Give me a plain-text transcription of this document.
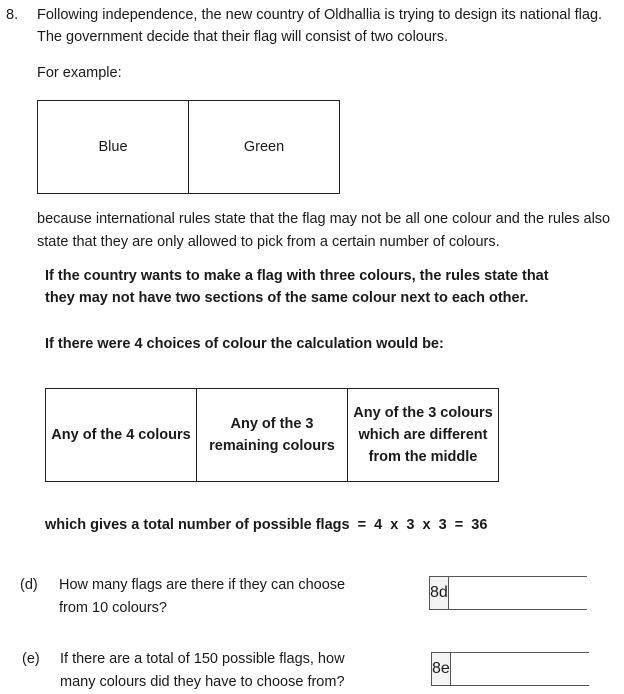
8. Following independence, the new country of Oldhallia is trying to design its national flag.
The government decide that their flag will consist of two colours.
For example:
Blue	Green
because international rules state that the flag may not be all one colour and the rules also
state that they are only allowed to pick from a certain number of colours.
If the country wants to make a flag with three colours, the rules state that
they may not have two sections of the same colour next to each other.
If there were 4 choices of colour the calculation would be:
Any of the 4 colours
Any of the 3
remaining colours
Any of the 3 colours
which are different
from the middle
which gives a total number of possible flags  =  4  x  3  x  3  =  36
(d) How many flags are there if they can choose
from 10 colours?
8d
(e) If there are a total of 150 possible flags, how
many colours did they have to choose from?
8e
